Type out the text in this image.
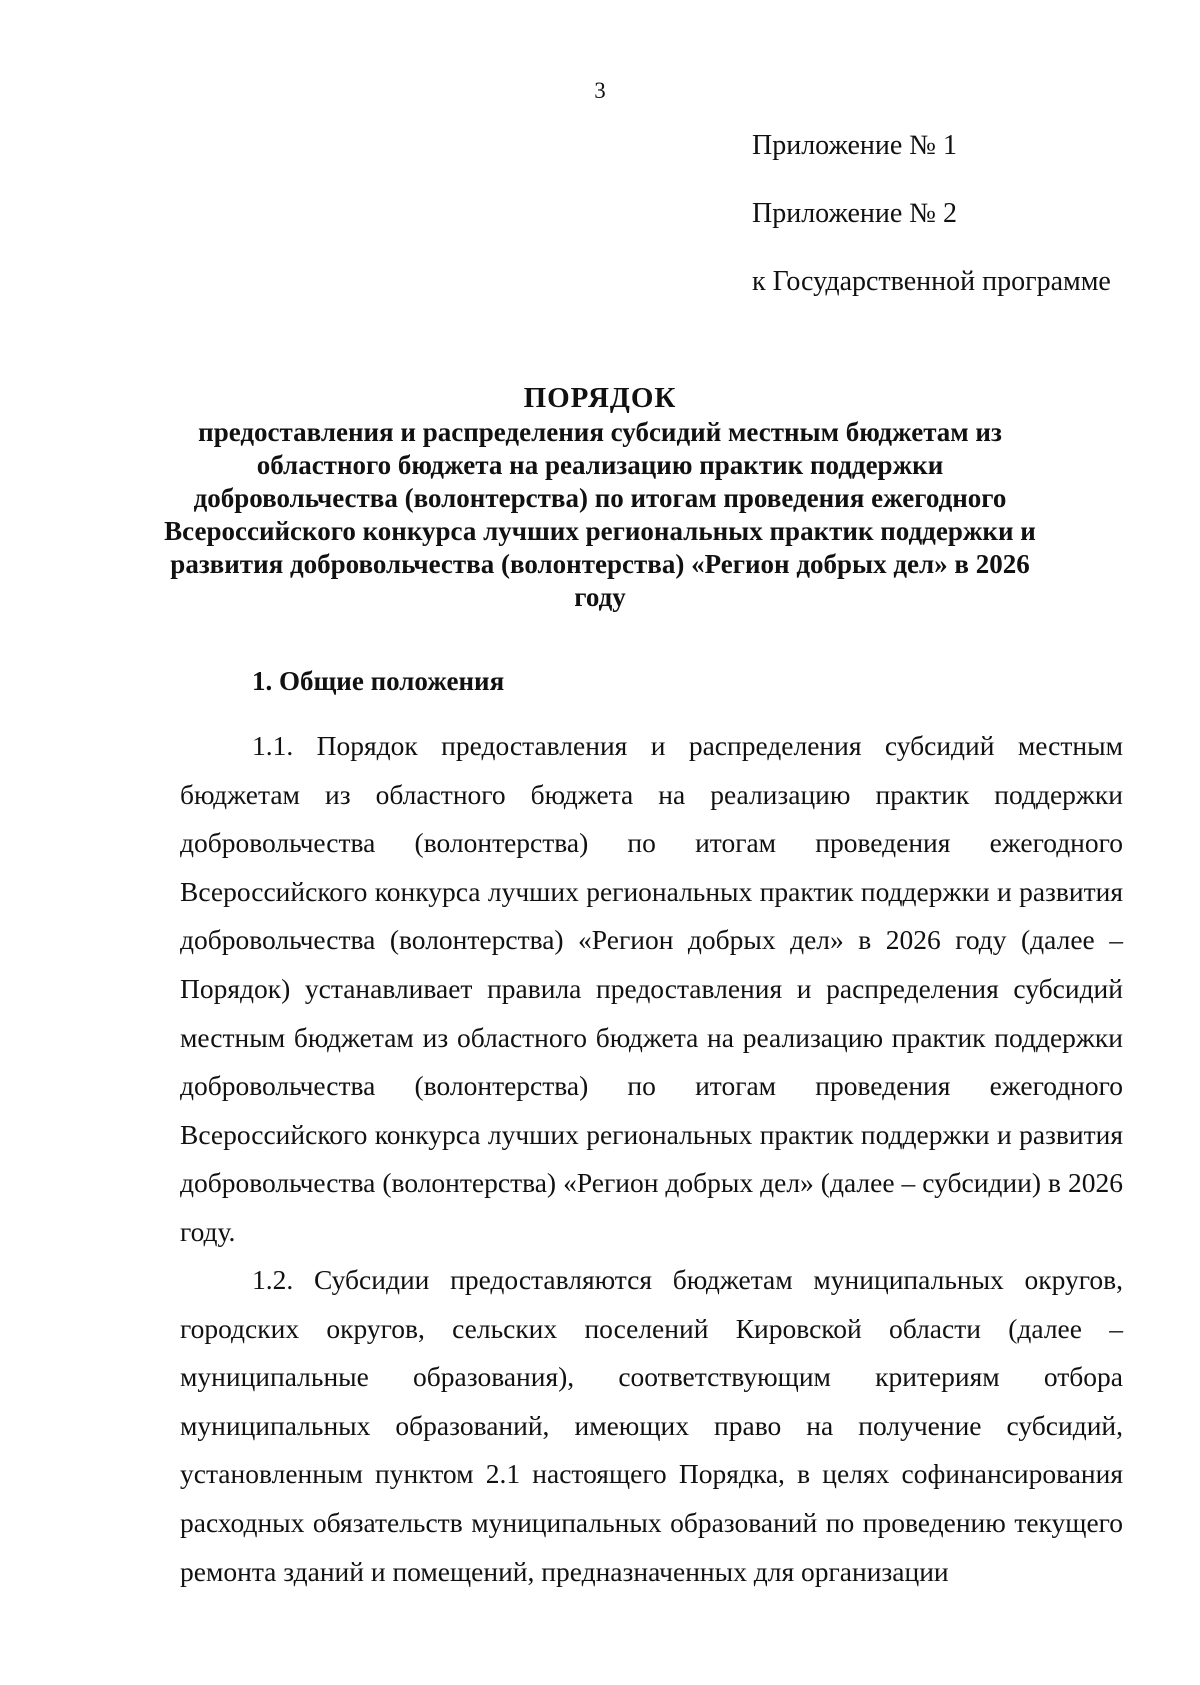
3
Приложение № 1
Приложение № 2
к Государственной программе
ПОРЯДОК
предоставления и распределения субсидий местным бюджетам из областного бюджета на реализацию практик поддержки добровольчества (волонтерства) по итогам проведения ежегодного Всероссийского конкурса лучших региональных практик поддержки и развития добровольчества (волонтерства) «Регион добрых дел» в 2026 году
1. Общие положения

1.1. Порядок предоставления и распределения субсидий местным бюджетам из областного бюджета на реализацию практик поддержки добровольчества (волонтерства) по итогам проведения ежегодного Всероссийского конкурса лучших региональных практик поддержки и развития добровольчества (волонтерства) «Регион добрых дел» в 2026 году (далее – Порядок) устанавливает правила предоставления и распределения субсидий местным бюджетам из областного бюджета на реализацию практик поддержки добровольчества (волонтерства) по итогам проведения ежегодного Всероссийского конкурса лучших региональных практик поддержки и развития добровольчества (волонтерства) «Регион добрых дел» (далее – субсидии) в 2026 году.

1.2. Субсидии предоставляются бюджетам муниципальных округов, городских округов, сельских поселений Кировской области (далее – муниципальные образования), соответствующим критериям отбора муниципальных образований, имеющих право на получение субсидий, установленным пунктом 2.1 настоящего Порядка, в целях софинансирования расходных обязательств муниципальных образований по проведению текущего ремонта зданий и помещений, предназначенных для организации
